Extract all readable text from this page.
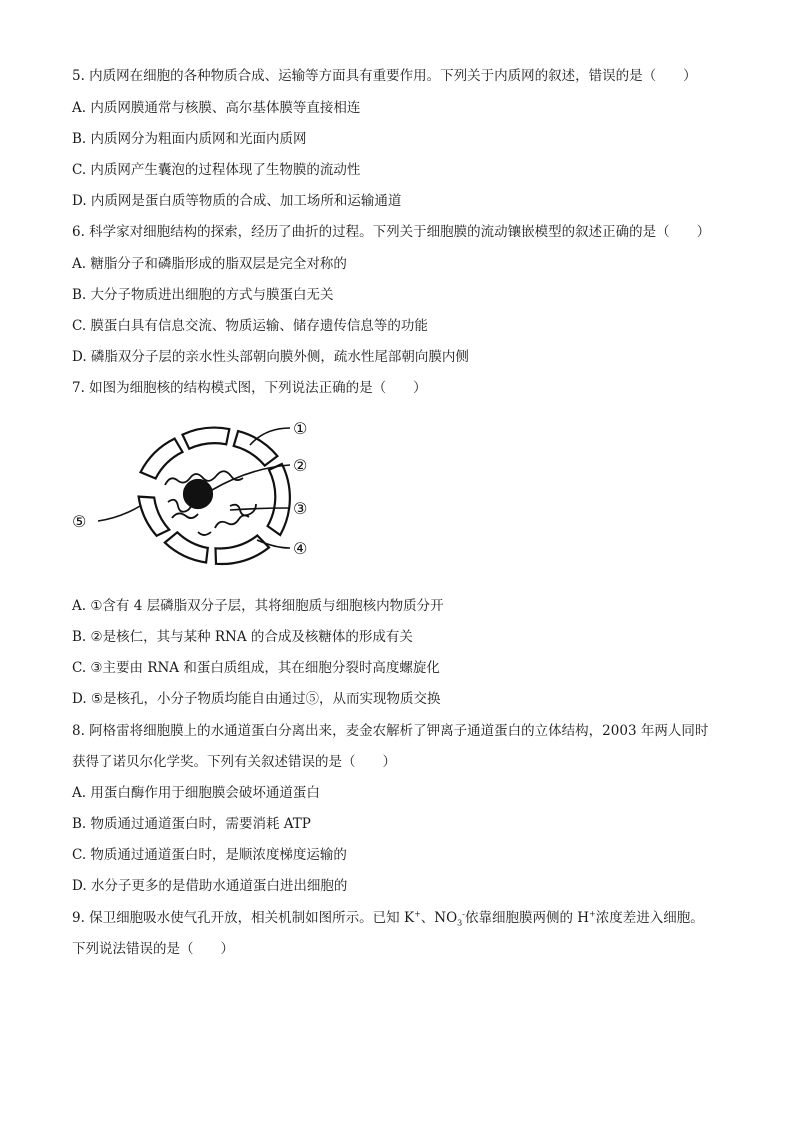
5. 内质网在细胞的各种物质合成、运输等方面具有重要作用。下列关于内质网的叙述，错误的是（　　）
A. 内质网膜通常与核膜、高尔基体膜等直接相连
B. 内质网分为粗面内质网和光面内质网
C. 内质网产生囊泡的过程体现了生物膜的流动性
D. 内质网是蛋白质等物质的合成、加工场所和运输通道
6. 科学家对细胞结构的探索，经历了曲折的过程。下列关于细胞膜的流动镶嵌模型的叙述正确的是（　　）
A. 糖脂分子和磷脂形成的脂双层是完全对称的
B. 大分子物质进出细胞的方式与膜蛋白无关
C. 膜蛋白具有信息交流、物质运输、储存遗传信息等的功能
D. 磷脂双分子层的亲水性头部朝向膜外侧，疏水性尾部朝向膜内侧
7. 如图为细胞核的结构模式图，下列说法正确的是（　　）
①
②
③
④
⑤
A. ①含有 4 层磷脂双分子层，其将细胞质与细胞核内物质分开
B. ②是核仁，其与某种 RNA 的合成及核糖体的形成有关
C. ③主要由 RNA 和蛋白质组成，其在细胞分裂时高度螺旋化
D. ⑤是核孔，小分子物质均能自由通过⑤，从而实现物质交换
8. 阿格雷将细胞膜上的水通道蛋白分离出来，麦金农解析了钾离子通道蛋白的立体结构，2003 年两人同时
获得了诺贝尔化学奖。下列有关叙述错误的是（　　）
A. 用蛋白酶作用于细胞膜会破坏通道蛋白
B. 物质通过通道蛋白时，需要消耗 ATP
C. 物质通过通道蛋白时，是顺浓度梯度运输的
D. 水分子更多的是借助水通道蛋白进出细胞的
9. 保卫细胞吸水使气孔开放，相关机制如图所示。已知 K+、$NO_3^-$依靠细胞膜两侧的 H+浓度差进入细胞。
下列说法错误的是（　　）
